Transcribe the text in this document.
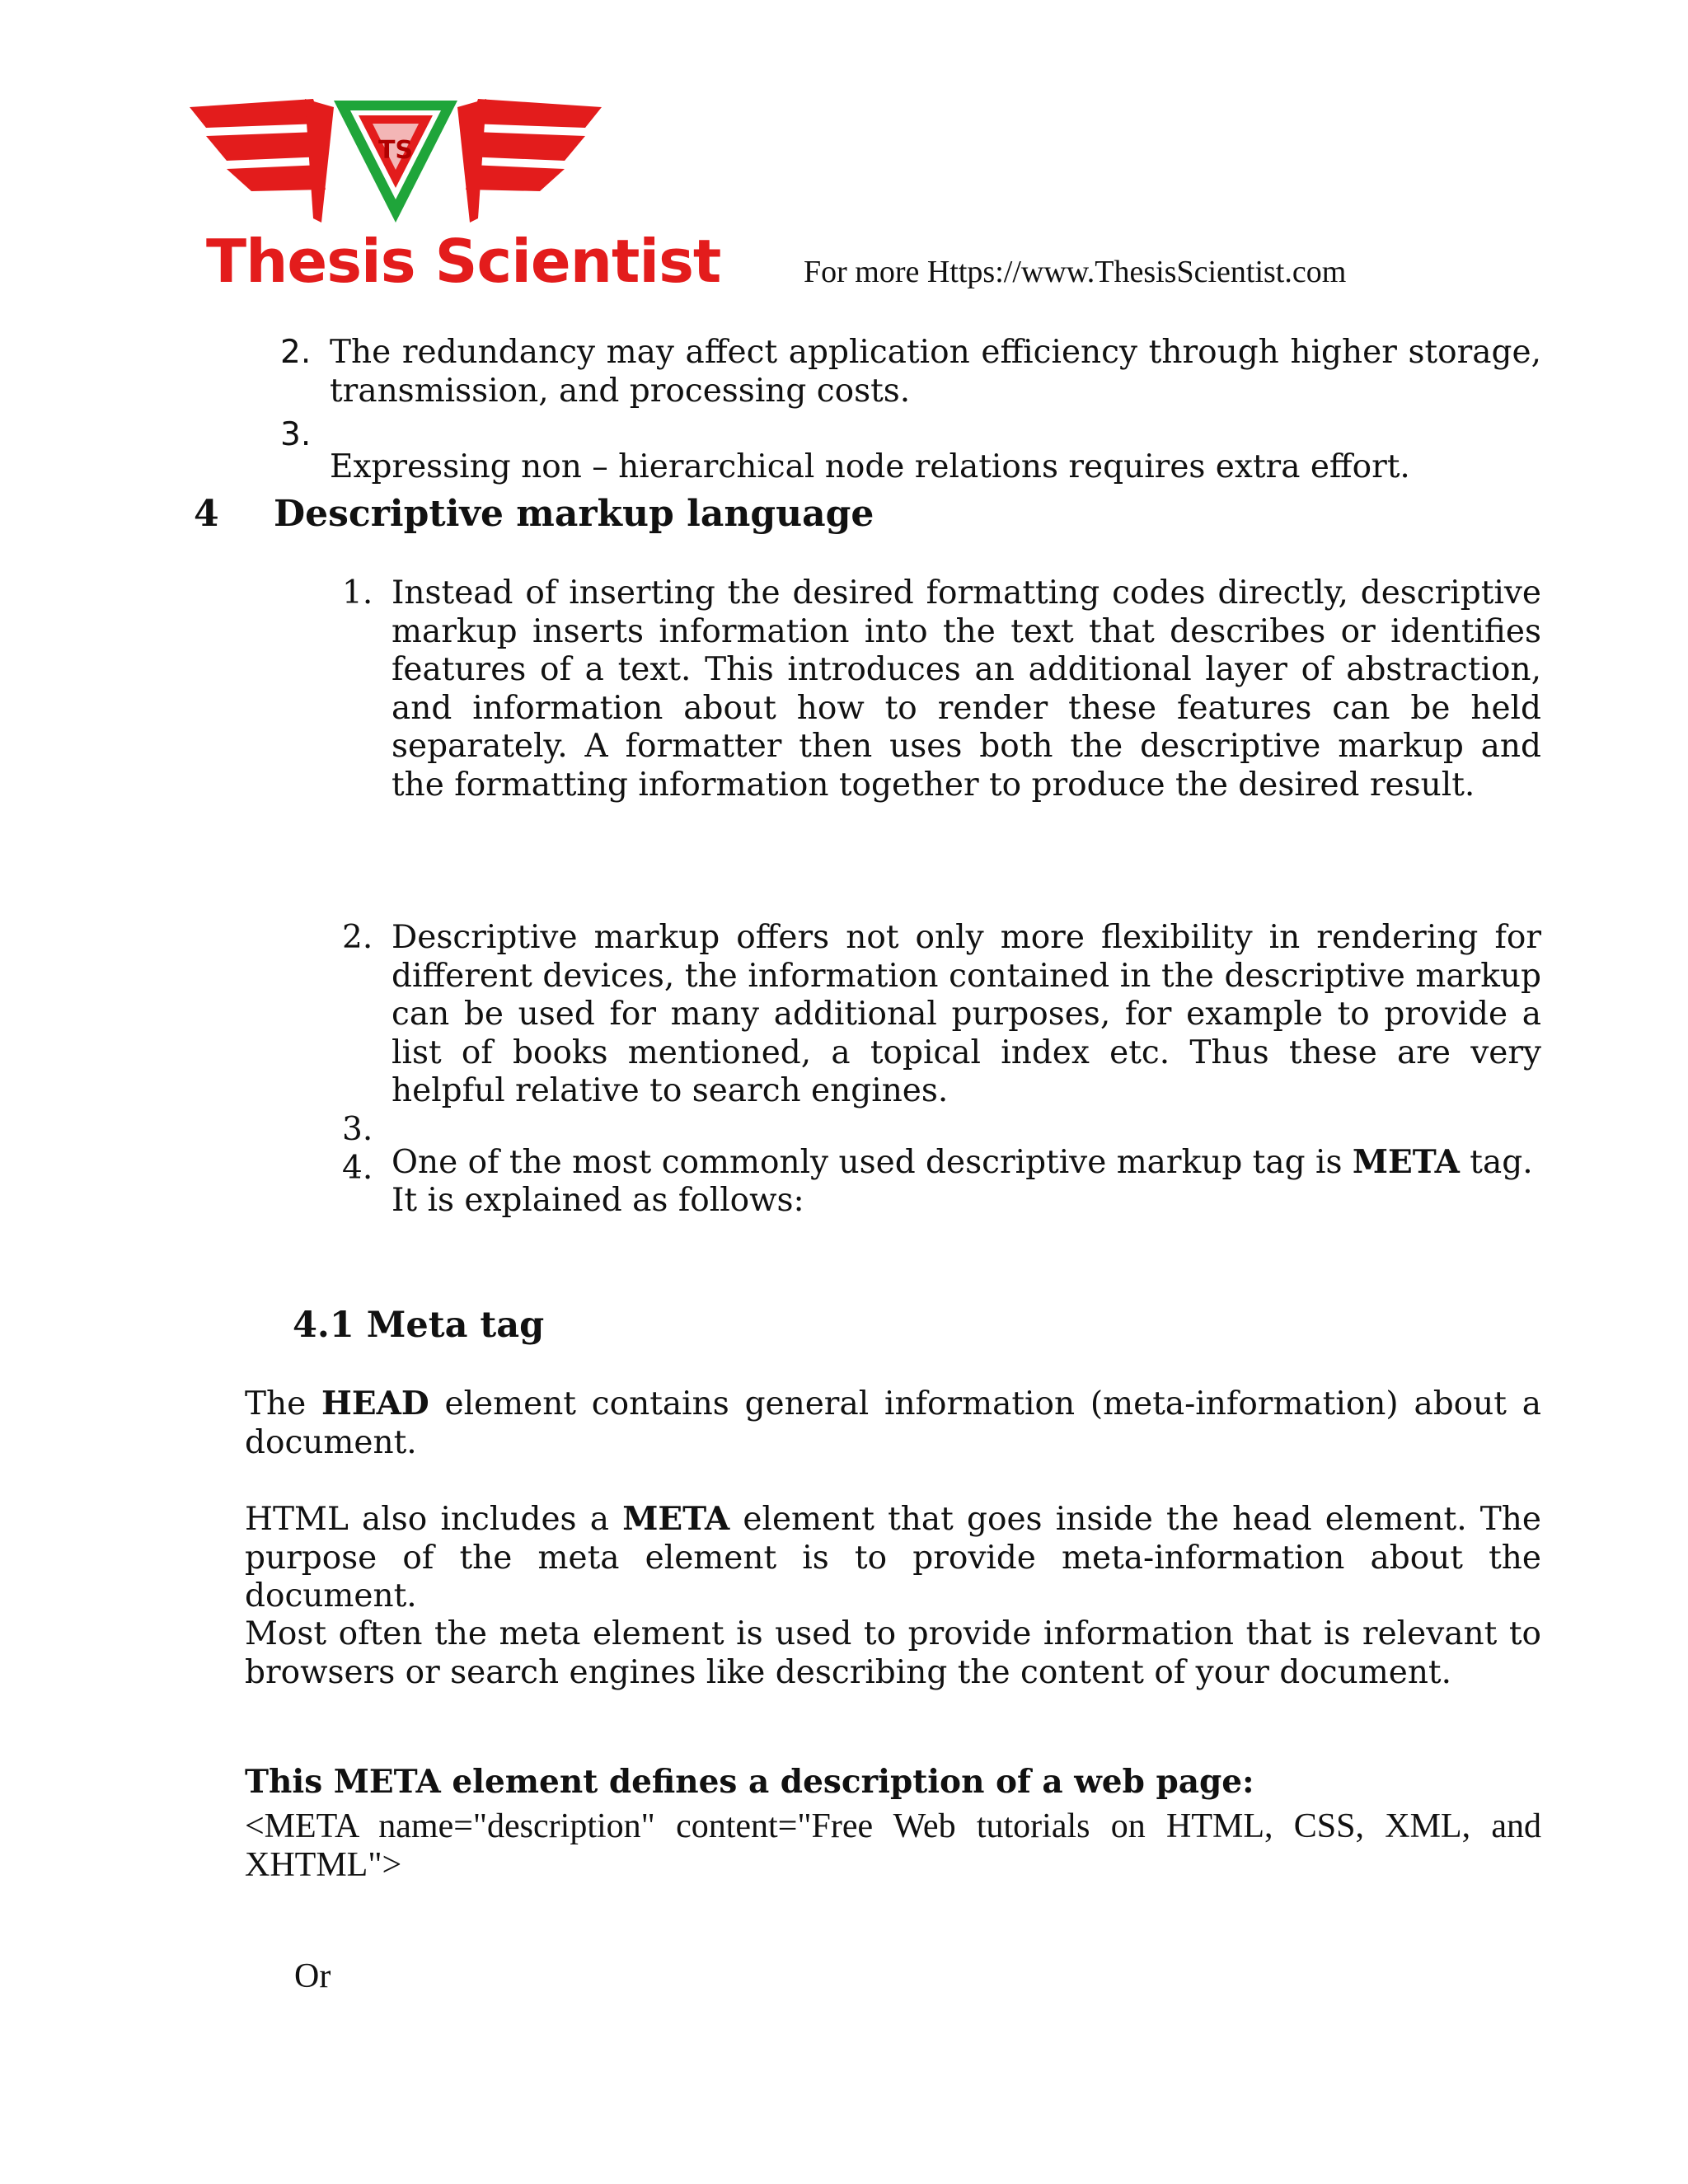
TS
Thesis Scientist	For more Https://www.ThesisScientist.com
2. The redundancy may affect application efficiency through higher storage, transmission, and processing costs.

3.

Expressing non – hierarchical node relations requires extra effort.

4 Descriptive markup language
1. Instead of inserting the desired formatting codes directly, descriptive markup inserts information into the text that describes or identifies features of a text. This introduces an additional layer of abstraction, and information about how to render these features can be held separately. A formatter then uses both the descriptive markup and the formatting information together to produce the desired result.

2. Descriptive markup offers not only more flexibility in rendering for different devices, the information contained in the descriptive markup can be used for many additional purposes, for example to provide a list of books mentioned, a topical index etc. Thus these are very helpful relative to search engines.

3.

One of the most commonly used descriptive markup tag is META tag.

4.

It is explained as follows:

4.1 Meta tag

The HEAD element contains general information (meta-information) about a document.

HTML also includes a META element that goes inside the head element. The purpose of the meta element is to provide meta-information about the document.

Most often the meta element is used to provide information that is relevant to browsers or search engines like describing the content of your document.

This META element defines a description of a web page:

<META name="description" content="Free Web tutorials on HTML, CSS, XML, and XHTML">

Or
